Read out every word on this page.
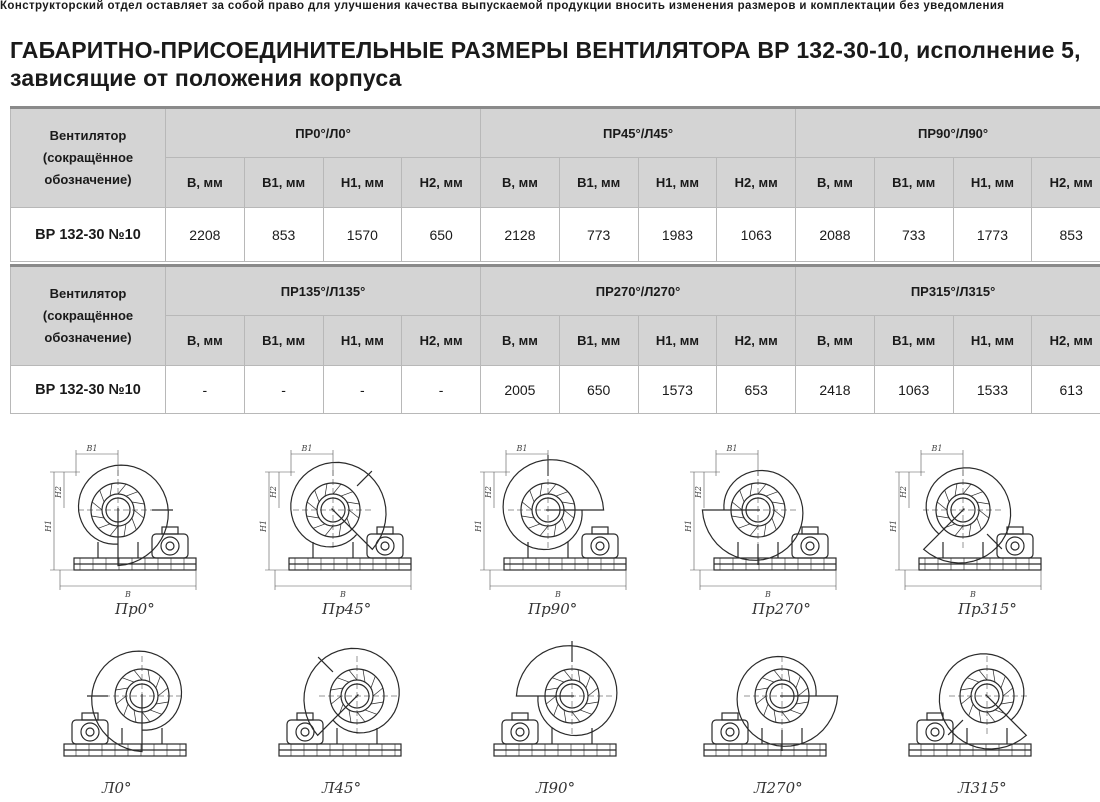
Конструкторский отдел оставляет за собой право для улучшения качества выпускаемой продукции вносить изменения размеров и комплектации без уведомления
ГАБАРИТНО-ПРИСОЕДИНИТЕЛЬНЫЕ РАЗМЕРЫ ВЕНТИЛЯТОРА ВР 132-30-10, исполнение 5, зависящие от положения корпуса
Вентилятор (сокращённое обозначение)	ПР0°/Л0°				ПР45°/Л45°				ПР90°/Л90°			
	В, мм	В1, мм	Н1, мм	Н2, мм	В, мм	В1, мм	Н1, мм	Н2, мм	В, мм	В1, мм	Н1, мм	Н2, мм
ВР 132-30 №10	2208	853	1570	650	2128	773	1983	1063	2088	733	1773	853
Вентилятор (сокращённое обозначение)	ПР135°/Л135°				ПР270°/Л270°				ПР315°/Л315°			
	В, мм	В1, мм	Н1, мм	Н2, мм	В, мм	В1, мм	Н1, мм	Н2, мм	В, мм	В1, мм	Н1, мм	Н2, мм
ВР 132-30 №10	-	-	-	-	2005	650	1573	653	2418	1063	1533	613
B
B1
H1
H2
Пр0°
B
B1
H1
H2
Пр45°
B
B1
H1
H2
Пр90°
B
B1
H1
H2
Пр270°
B
B1
H1
H2
Пр315°
Л0°	Л45°	Л90°	Л270°	Л315°
